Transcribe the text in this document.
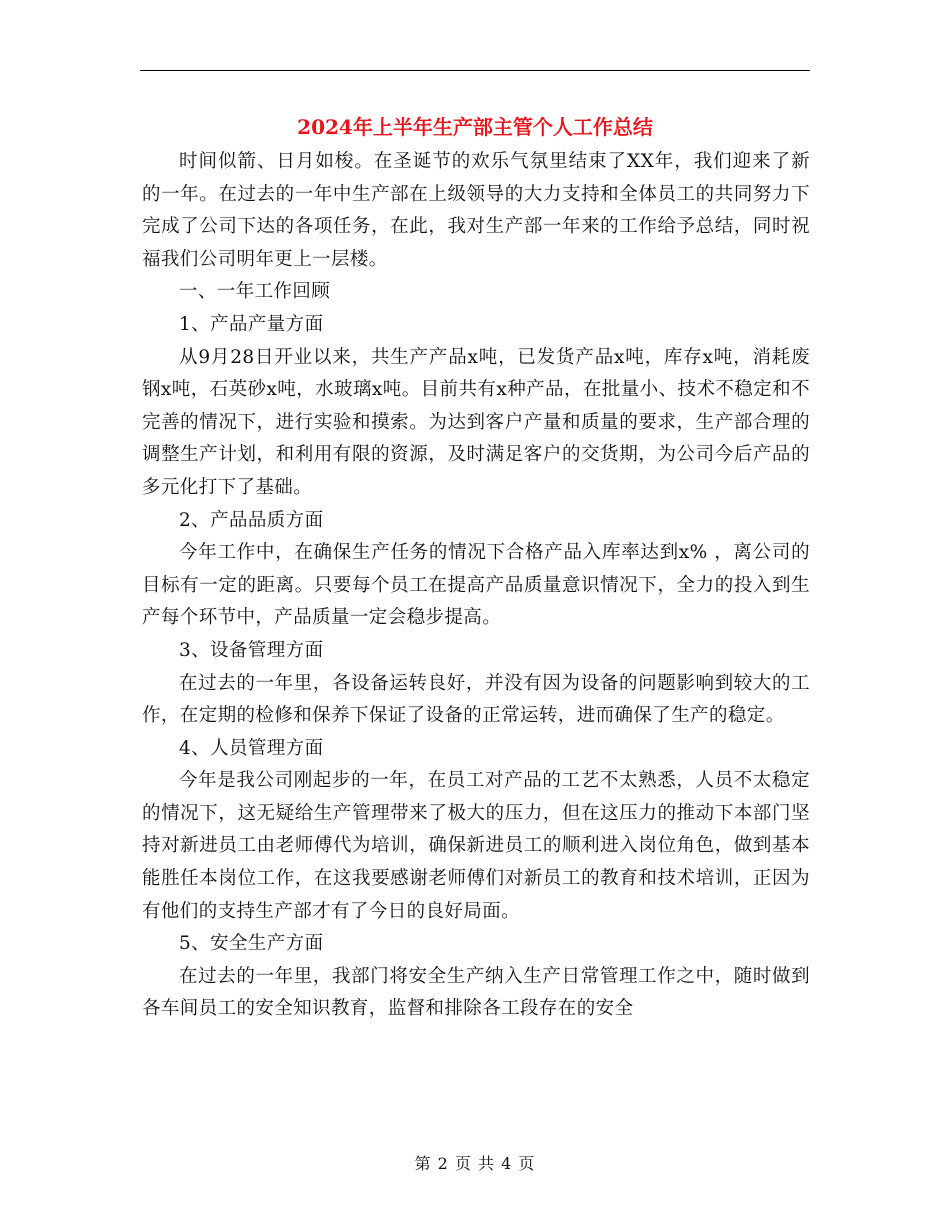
2024年上半年生产部主管个人工作总结

时间似箭、日月如梭。在圣诞节的欢乐气氛里结束了XX年，我们迎来了新的一年。在过去的一年中生产部在上级领导的大力支持和全体员工的共同努力下完成了公司下达的各项任务，在此，我对生产部一年来的工作给予总结，同时祝福我们公司明年更上一层楼。

一、一年工作回顾

1、产品产量方面

从9月28日开业以来，共生产产品x吨，已发货产品x吨，库存x吨，消耗废钢x吨，石英砂x吨，水玻璃x吨。目前共有x种产品，在批量小、技术不稳定和不完善的情况下，进行实验和摸索。为达到客户产量和质量的要求，生产部合理的调整生产计划，和利用有限的资源，及时满足客户的交货期，为公司今后产品的多元化打下了基础。

2、产品品质方面

今年工作中，在确保生产任务的情况下合格产品入库率达到x% ，离公司的目标有一定的距离。只要每个员工在提高产品质量意识情况下，全力的投入到生产每个环节中，产品质量一定会稳步提高。

3、设备管理方面

在过去的一年里，各设备运转良好，并没有因为设备的问题影响到较大的工作，在定期的检修和保养下保证了设备的正常运转，进而确保了生产的稳定。

4、人员管理方面

今年是我公司刚起步的一年，在员工对产品的工艺不太熟悉，人员不太稳定的情况下，这无疑给生产管理带来了极大的压力，但在这压力的推动下本部门坚持对新进员工由老师傅代为培训，确保新进员工的顺利进入岗位角色，做到基本能胜任本岗位工作，在这我要感谢老师傅们对新员工的教育和技术培训，正因为有他们的支持生产部才有了今日的良好局面。

5、安全生产方面

在过去的一年里，我部门将安全生产纳入生产日常管理工作之中，随时做到各车间员工的安全知识教育，监督和排除各工段存在的安全

第 2 页 共 4 页
